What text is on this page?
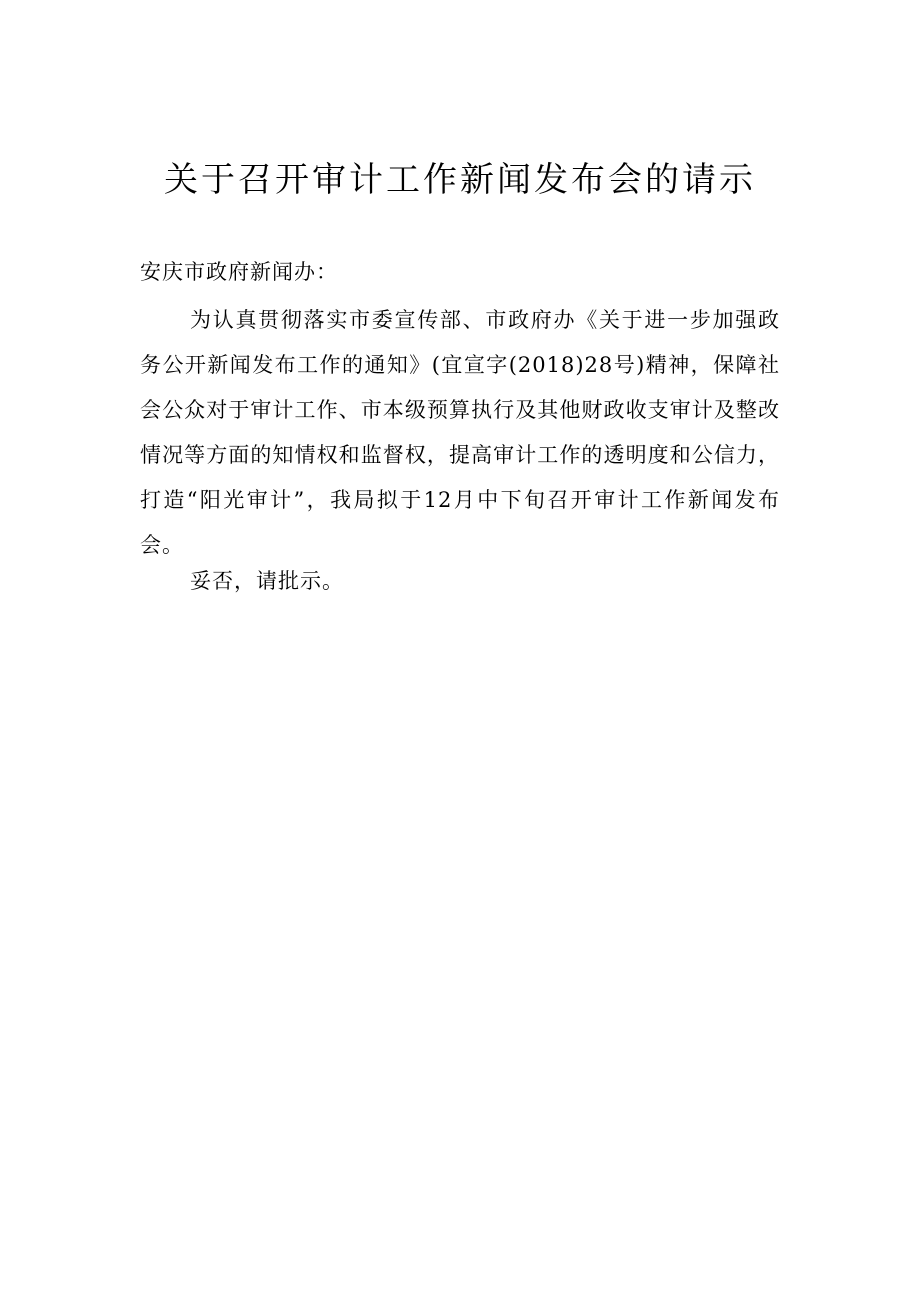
关于召开审计工作新闻发布会的请示

安庆市政府新闻办：

为认真贯彻落实市委宣传部、市政府办《关于进一步加强政务公开新闻发布工作的通知》(宜宣字(2018)28号)精神，保障社会公众对于审计工作、市本级预算执行及其他财政收支审计及整改情况等方面的知情权和监督权，提高审计工作的透明度和公信力，打造“阳光审计”，我局拟于12月中下旬召开审计工作新闻发布会。

妥否，请批示。
